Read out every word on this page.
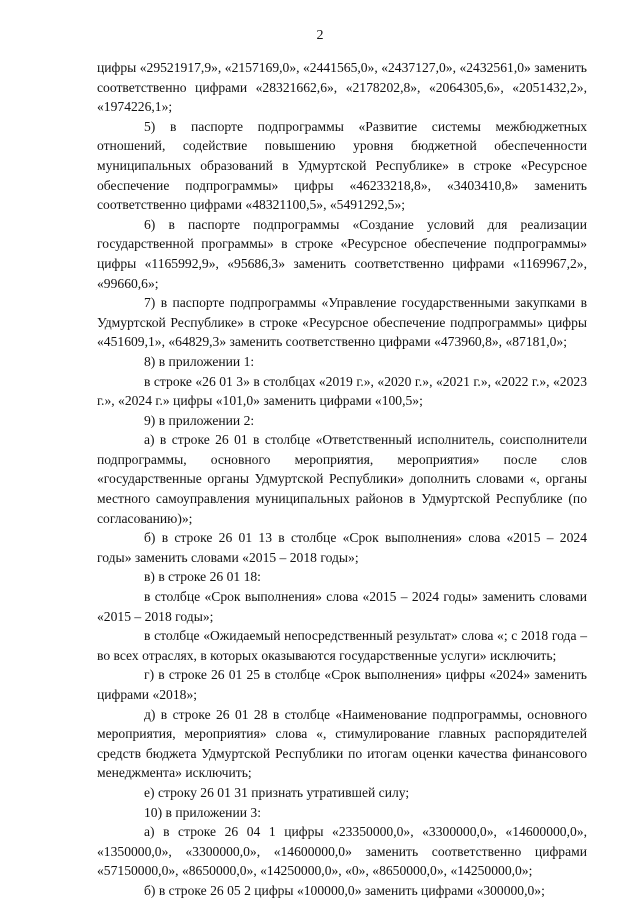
2

цифры «29521917,9», «2157169,0», «2441565,0», «2437127,0», «2432561,0» заменить соответственно цифрами «28321662,6», «2178202,8», «2064305,6», «2051432,2», «1974226,1»;

5) в паспорте подпрограммы «Развитие системы межбюджетных отношений, содействие повышению уровня бюджетной обеспеченности муниципальных образований в Удмуртской Республике» в строке «Ресурсное обеспечение подпрограммы» цифры «46233218,8», «3403410,8» заменить соответственно цифрами «48321100,5», «5491292,5»;

6) в паспорте подпрограммы «Создание условий для реализации государственной программы» в строке «Ресурсное обеспечение подпрограммы» цифры «1165992,9», «95686,3» заменить соответственно цифрами «1169967,2», «99660,6»;

7) в паспорте подпрограммы «Управление государственными закупками в Удмуртской Республике» в строке «Ресурсное обеспечение подпрограммы» цифры «451609,1», «64829,3» заменить соответственно цифрами «473960,8», «87181,0»;

8) в приложении 1:

в строке «26 01 3» в столбцах «2019 г.», «2020 г.», «2021 г.», «2022 г.», «2023 г.», «2024 г.» цифры «101,0» заменить цифрами «100,5»;

9) в приложении 2:

а) в строке 26 01 в столбце «Ответственный исполнитель, соисполнители подпрограммы, основного мероприятия, мероприятия» после слов «государственные органы Удмуртской Республики» дополнить словами «, органы местного самоуправления муниципальных районов в Удмуртской Республике (по согласованию)»;

б) в строке 26 01 13 в столбце «Срок выполнения» слова «2015 – 2024 годы» заменить словами «2015 – 2018 годы»;

в) в строке 26 01 18:

в столбце «Срок выполнения» слова «2015 – 2024 годы» заменить словами «2015 – 2018 годы»;

в столбце «Ожидаемый непосредственный результат» слова «; с 2018 года – во всех отраслях, в которых оказываются государственные услуги» исключить;

г) в строке 26 01 25 в столбце «Срок выполнения» цифры «2024» заменить цифрами «2018»;

д) в строке 26 01 28 в столбце «Наименование подпрограммы, основного мероприятия, мероприятия» слова «, стимулирование главных распорядителей средств бюджета Удмуртской Республики по итогам оценки качества финансового менеджмента» исключить;

е) строку 26 01 31 признать утратившей силу;

10) в приложении 3:

а) в строке 26 04 1 цифры «23350000,0», «3300000,0», «14600000,0», «1350000,0», «3300000,0», «14600000,0» заменить соответственно цифрами «57150000,0», «8650000,0», «14250000,0», «0», «8650000,0», «14250000,0»;

б) в строке 26 05 2 цифры «100000,0» заменить цифрами «300000,0»;
